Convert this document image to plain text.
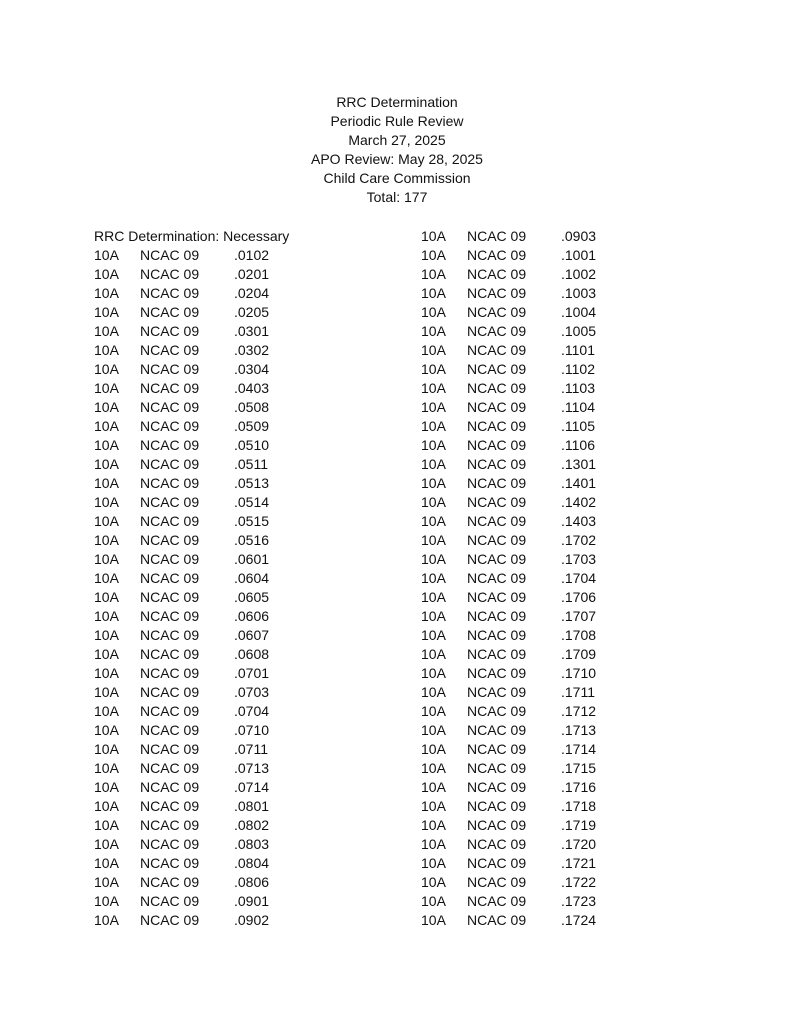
RRC Determination
Periodic Rule Review
March 27, 2025
APO Review: May 28, 2025
Child Care Commission
Total: 177
RRC Determination: Necessary
10A	NCAC 09	.0102
10A	NCAC 09	.0201
10A	NCAC 09	.0204
10A	NCAC 09	.0205
10A	NCAC 09	.0301
10A	NCAC 09	.0302
10A	NCAC 09	.0304
10A	NCAC 09	.0403
10A	NCAC 09	.0508
10A	NCAC 09	.0509
10A	NCAC 09	.0510
10A	NCAC 09	.0511
10A	NCAC 09	.0513
10A	NCAC 09	.0514
10A	NCAC 09	.0515
10A	NCAC 09	.0516
10A	NCAC 09	.0601
10A	NCAC 09	.0604
10A	NCAC 09	.0605
10A	NCAC 09	.0606
10A	NCAC 09	.0607
10A	NCAC 09	.0608
10A	NCAC 09	.0701
10A	NCAC 09	.0703
10A	NCAC 09	.0704
10A	NCAC 09	.0710
10A	NCAC 09	.0711
10A	NCAC 09	.0713
10A	NCAC 09	.0714
10A	NCAC 09	.0801
10A	NCAC 09	.0802
10A	NCAC 09	.0803
10A	NCAC 09	.0804
10A	NCAC 09	.0806
10A	NCAC 09	.0901
10A	NCAC 09	.0902
10A	NCAC 09	.0903
10A	NCAC 09	.1001
10A	NCAC 09	.1002
10A	NCAC 09	.1003
10A	NCAC 09	.1004
10A	NCAC 09	.1005
10A	NCAC 09	.1101
10A	NCAC 09	.1102
10A	NCAC 09	.1103
10A	NCAC 09	.1104
10A	NCAC 09	.1105
10A	NCAC 09	.1106
10A	NCAC 09	.1301
10A	NCAC 09	.1401
10A	NCAC 09	.1402
10A	NCAC 09	.1403
10A	NCAC 09	.1702
10A	NCAC 09	.1703
10A	NCAC 09	.1704
10A	NCAC 09	.1706
10A	NCAC 09	.1707
10A	NCAC 09	.1708
10A	NCAC 09	.1709
10A	NCAC 09	.1710
10A	NCAC 09	.1711
10A	NCAC 09	.1712
10A	NCAC 09	.1713
10A	NCAC 09	.1714
10A	NCAC 09	.1715
10A	NCAC 09	.1716
10A	NCAC 09	.1718
10A	NCAC 09	.1719
10A	NCAC 09	.1720
10A	NCAC 09	.1721
10A	NCAC 09	.1722
10A	NCAC 09	.1723
10A	NCAC 09	.1724
